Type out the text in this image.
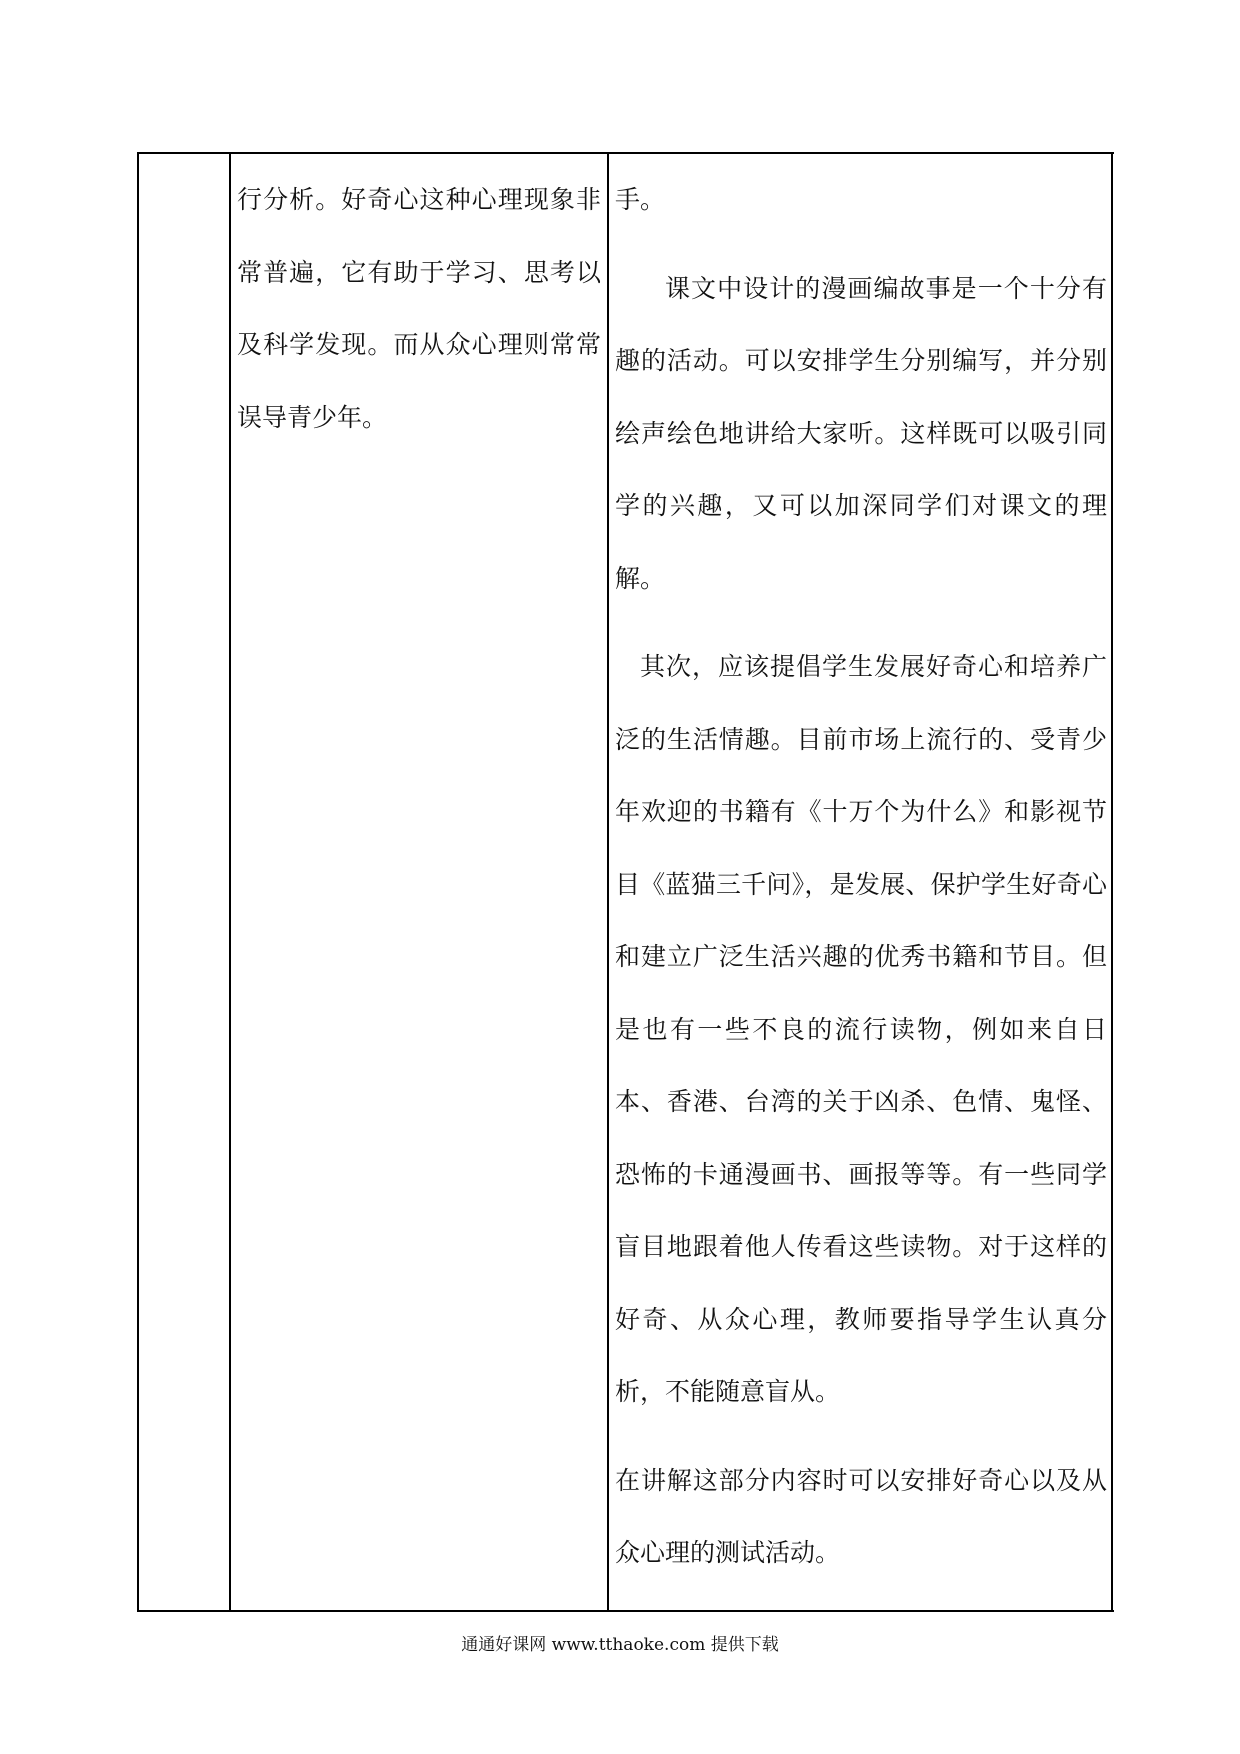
行分析。好奇心这种心理现象非常普遍，它有助于学习、思考以及科学发现。而从众心理则常常误导青少年。

手。

课文中设计的漫画编故事是一个十分有趣的活动。可以安排学生分别编写，并分别绘声绘色地讲给大家听。这样既可以吸引同学的兴趣，又可以加深同学们对课文的理解。

其次，应该提倡学生发展好奇心和培养广泛的生活情趣。目前市场上流行的、受青少年欢迎的书籍有《十万个为什么》和影视节目《蓝猫三千问》，是发展、保护学生好奇心和建立广泛生活兴趣的优秀书籍和节目。但是也有一些不良的流行读物，例如来自日本、香港、台湾的关于凶杀、色情、鬼怪、恐怖的卡通漫画书、画报等等。有一些同学盲目地跟着他人传看这些读物。对于这样的好奇、从众心理，教师要指导学生认真分析，不能随意盲从。

在讲解这部分内容时可以安排好奇心以及从众心理的测试活动。

通通好课网 www.tthaoke.com 提供下载
